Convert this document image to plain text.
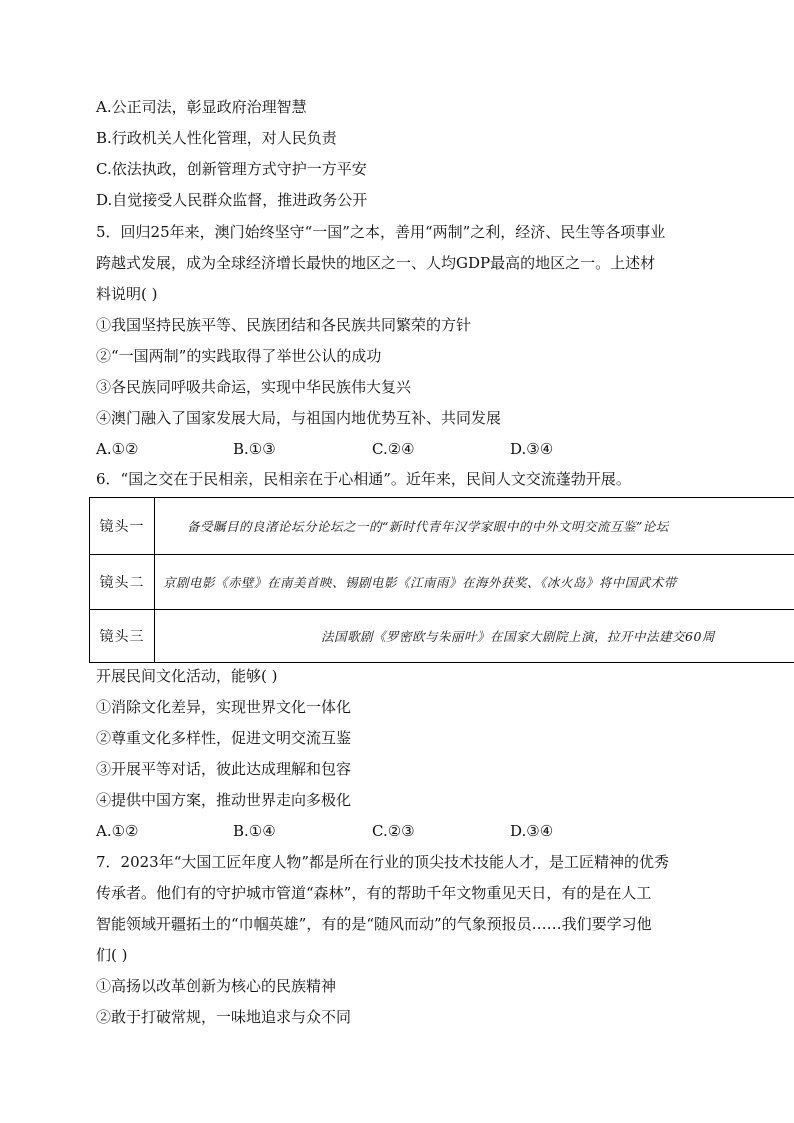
A.公正司法，彰显政府治理智慧
B.行政机关人性化管理，对人民负责
C.依法执政，创新管理方式守护一方平安
D.自觉接受人民群众监督，推进政务公开
5．回归25年来，澳门始终坚守“一国”之本，善用“两制”之利，经济、民生等各项事业
跨越式发展，成为全球经济增长最快的地区之一、人均GDP最高的地区之一。上述材
料说明( )
①我国坚持民族平等、民族团结和各民族共同繁荣的方针
②“一国两制”的实践取得了举世公认的成功
③各民族同呼吸共命运，实现中华民族伟大复兴
④澳门融入了国家发展大局，与祖国内地优势互补、共同发展
A.①②	B.①③	C.②④	D.③④
6．“国之交在于民相亲，民相亲在于心相通”。近年来，民间人文交流蓬勃开展。
镜头一	备受瞩目的良渚论坛分论坛之一的“新时代青年汉学家眼中的中外文明交流互鉴”论坛
镜头二	京剧电影《赤壁》在南美首映、锡剧电影《江南雨》在海外获奖、《冰火岛》将中国武术带
镜头三	法国歌剧《罗密欧与朱丽叶》在国家大剧院上演，拉开中法建交60周
开展民间文化活动，能够( )
①消除文化差异，实现世界文化一体化
②尊重文化多样性，促进文明交流互鉴
③开展平等对话，彼此达成理解和包容
④提供中国方案，推动世界走向多极化
A.①②	B.①④	C.②③	D.③④
7．2023年“大国工匠年度人物”都是所在行业的顶尖技术技能人才，是工匠精神的优秀
传承者。他们有的守护城市管道“森林”，有的帮助千年文物重见天日，有的是在人工
智能领域开疆拓土的“巾帼英雄”，有的是“随风而动”的气象预报员……我们要学习他
们( )
①高扬以改革创新为核心的民族精神
②敢于打破常规，一味地追求与众不同
